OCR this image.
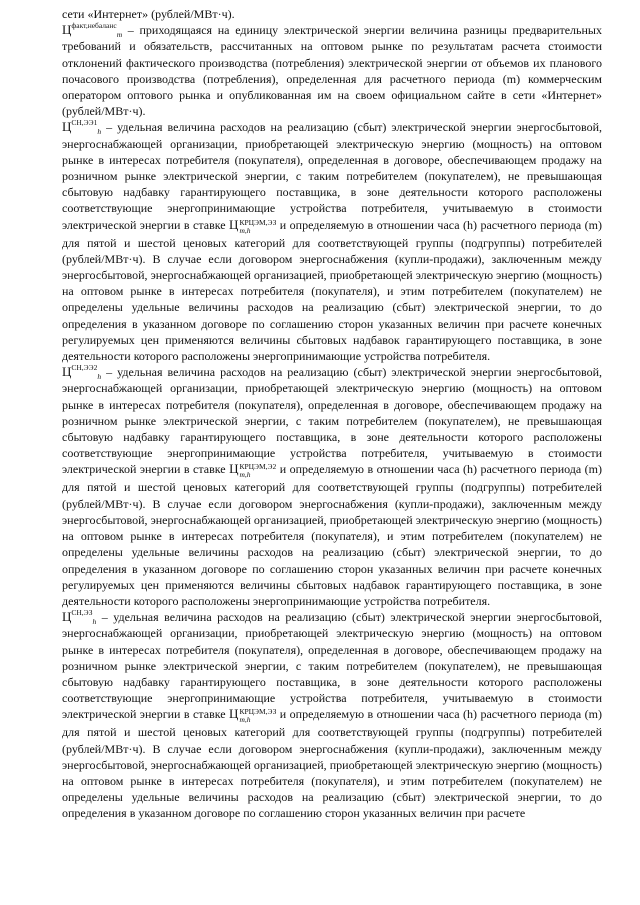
сети «Интернет» (рублей/МВт·ч).

$Ц^{факт,небаланс}_m$ – приходящаяся на единицу электрической энергии величина разницы предварительных требований и обязательств, рассчитанных на оптовом рынке по результатам расчета стоимости отклонений фактического производства (потребления) электрической энергии от объемов их планового почасового производства (потребления), определенная для расчетного периода (m) коммерческим оператором оптового рынка и опубликованная им на своем официальном сайте в сети «Интернет» (рублей/МВт·ч).

$Ц^{СН,ЭЭ1}_h$ – удельная величина расходов на реализацию (сбыт) электрической энергии энергосбытовой, энергоснабжающей организации, приобретающей электрическую энергию (мощность) на оптовом рынке в интересах потребителя (покупателя), определенная в договоре, обеспечивающем продажу на розничном рынке электрической энергии, с таким потребителем (покупателем), не превышающая сбытовую надбавку гарантирующего поставщика, в зоне деятельности которого расположены соответствующие энергопринимающие устройства потребителя, учитываемую в стоимости электрической энергии в ставке Ц КРЦЭМ,ЭЗ
m,h	и определяемую в отношении часа (h) расчетного периода (m) для пятой и шестой ценовых категорий для соответствующей группы (подгруппы) потребителей (рублей/МВт·ч). В случае если договором энергоснабжения (купли-продажи), заключенным между энергосбытовой, энергоснабжающей организацией, приобретающей электрическую энергию (мощность) на оптовом рынке в интересах потребителя (покупателя), и этим потребителем (покупателем) не определены удельные величины расходов на реализацию (сбыт) электрической энергии, то до определения в указанном договоре по соглашению сторон указанных величин при расчете конечных регулируемых цен применяются величины сбытовых надбавок гарантирующего поставщика, в зоне деятельности которого расположены энергопринимающие устройства потребителя.

$Ц^{СН,ЭЭ2}_h$ – удельная величина расходов на реализацию (сбыт) электрической энергии энергосбытовой, энергоснабжающей организации, приобретающей электрическую энергию (мощность) на оптовом рынке в интересах потребителя (покупателя), определенная в договоре, обеспечивающем продажу на розничном рынке электрической энергии, с таким потребителем (покупателем), не превышающая сбытовую надбавку гарантирующего поставщика, в зоне деятельности которого расположены соответствующие энергопринимающие устройства потребителя, учитываемую в стоимости электрической энергии в ставке Ц КРЦЭМ,Э2
m,h	и определяемую в отношении часа (h) расчетного периода (m) для пятой и шестой ценовых категорий для соответствующей группы (подгруппы) потребителей (рублей/МВт·ч). В случае если договором энергоснабжения (купли-продажи), заключенным между энергосбытовой, энергоснабжающей организацией, приобретающей электрическую энергию (мощность) на оптовом рынке в интересах потребителя (покупателя), и этим потребителем (покупателем) не определены удельные величины расходов на реализацию (сбыт) электрической энергии, то до определения в указанном договоре по соглашению сторон указанных величин при расчете конечных регулируемых цен применяются величины сбытовых надбавок гарантирующего поставщика, в зоне деятельности которого расположены энергопринимающие устройства потребителя.

$Ц^{СН,ЭЗ}_h$ – удельная величина расходов на реализацию (сбыт) электрической энергии энергосбытовой, энергоснабжающей организации, приобретающей электрическую энергию (мощность) на оптовом рынке в интересах потребителя (покупателя), определенная в договоре, обеспечивающем продажу на розничном рынке электрической энергии, с таким потребителем (покупателем), не превышающая сбытовую надбавку гарантирующего поставщика, в зоне деятельности которого расположены соответствующие энергопринимающие устройства потребителя, учитываемую в стоимости электрической энергии в ставке Ц КРЦЭМ,ЭЗ
m,h	и определяемую в отношении часа (h) расчетного периода (m) для пятой и шестой ценовых категорий для соответствующей группы (подгруппы) потребителей (рублей/МВт·ч). В случае если договором энергоснабжения (купли-продажи), заключенным между энергосбытовой, энергоснабжающей организацией, приобретающей электрическую энергию (мощность) на оптовом рынке в интересах потребителя (покупателя), и этим потребителем (покупателем) не определены удельные величины расходов на реализацию (сбыт) электрической энергии, то до определения в указанном договоре по соглашению сторон указанных величин при расчете
